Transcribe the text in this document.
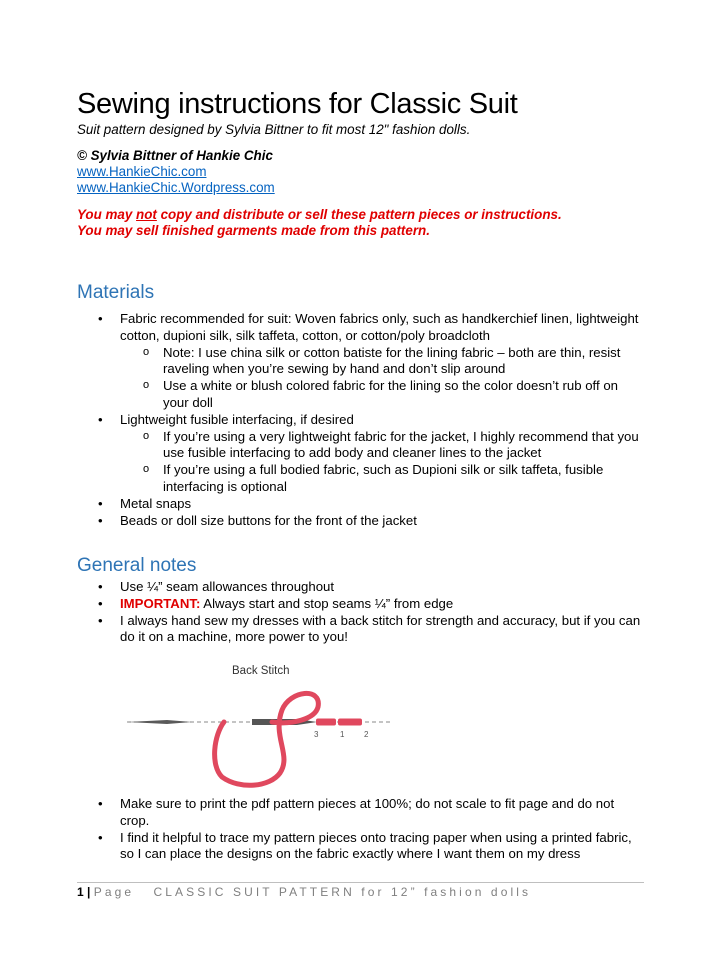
Sewing instructions for Classic Suit

Suit pattern designed by Sylvia Bittner to fit most 12" fashion dolls.

© Sylvia Bittner of Hankie Chic
www.HankieChic.com
www.HankieChic.Wordpress.com
You may not copy and distribute or sell these pattern pieces or instructions.
You may sell finished garments made from this pattern.
Materials
• Fabric recommended for suit: Woven fabrics only, such as handkerchief linen, lightweight cotton, dupioni silk, silk taffeta, cotton, or cotton/poly broadcloth
o Note: I use china silk or cotton batiste for the lining fabric – both are thin, resist raveling when you’re sewing by hand and don’t slip around
o Use a white or blush colored fabric for the lining so the color doesn’t rub off on your doll
• Lightweight fusible interfacing, if desired
o If you’re using a very lightweight fabric for the jacket, I highly recommend that you use fusible interfacing to add body and cleaner lines to the jacket
o If you’re using a full bodied fabric, such as Dupioni silk or silk taffeta, fusible interfacing is optional
• Metal snaps
• Beads or doll size buttons for the front of the jacket
General notes
• Use ¼” seam allowances throughout
• IMPORTANT: Always start and stop seams ¼” from edge
• I always hand sew my dresses with a back stitch for strength and accuracy, but if you can do it on a machine, more power to you!
Back Stitch
3	1 2
• Make sure to print the pdf pattern pieces at 100%; do not scale to fit page and do not crop.
• I find it helpful to trace my pattern pieces onto tracing paper when using a printed fabric, so I can place the designs on the fabric exactly where I want them on my dress
1 | Page CLASSIC SUIT PATTERN for 12” fashion dolls
